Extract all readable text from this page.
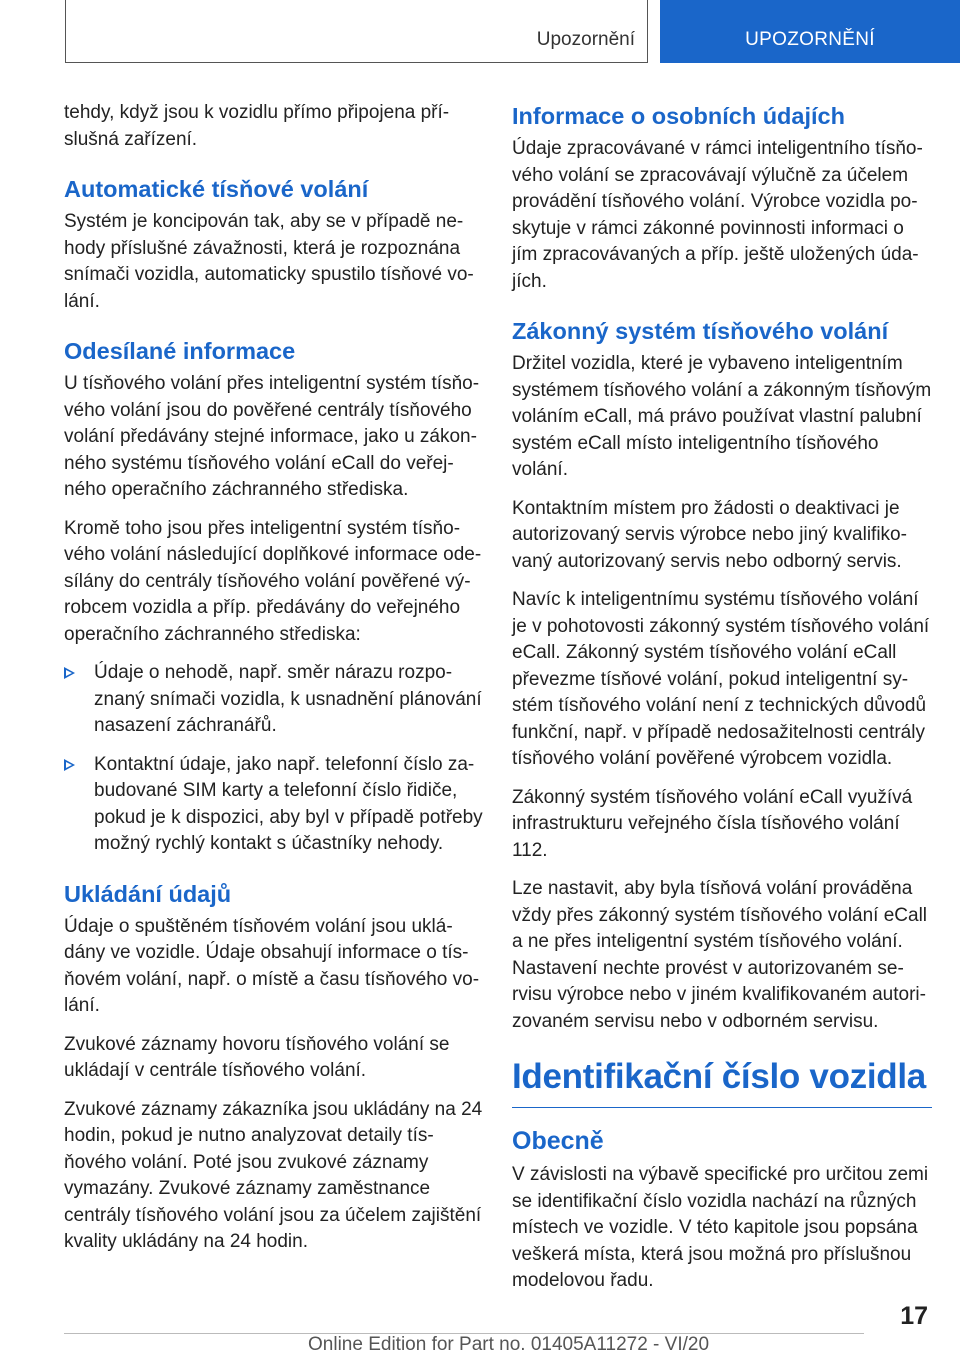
Upozornění	UPOZORNĚNÍ

tehdy, když jsou k vozidlu přímo připojena příslušná zařízení.

Automatické tísňové volání

Systém je koncipován tak, aby se v případě nehody příslušné závažnosti, která je rozpoznána snímači vozidla, automaticky spustilo tísňové volání.

Odesílané informace

U tísňového volání přes inteligentní systém tísňového volání jsou do pověřené centrály tísňového volání předávány stejné informace, jako u zákonného systému tísňového volání eCall do veřejného operačního záchranného střediska.

Kromě toho jsou přes inteligentní systém tísňového volání následující doplňkové informace odesílány do centrály tísňového volání pověřené výrobcem vozidla a příp. předávány do veřejného operačního záchranného střediska:

Údaje o nehodě, např. směr nárazu rozpoznaný snímači vozidla, k usnadnění plánování nasazení záchranářů.
Kontaktní údaje, jako např. telefonní číslo zabudované SIM karty a telefonní číslo řidiče, pokud je k dispozici, aby byl v případě potřeby možný rychlý kontakt s účastníky nehody.
Ukládání údajů

Údaje o spuštěném tísňovém volání jsou ukládány ve vozidle. Údaje obsahují informace o tísňovém volání, např. o místě a času tísňového volání.

Zvukové záznamy hovoru tísňového volání se ukládají v centrále tísňového volání.

Zvukové záznamy zákazníka jsou ukládány na 24 hodin, pokud je nutno analyzovat detaily tísňového volání. Poté jsou zvukové záznamy vymazány. Zvukové záznamy zaměstnance centrály tísňového volání jsou za účelem zajištění kvality ukládány na 24 hodin.

Informace o osobních údajích

Údaje zpracovávané v rámci inteligentního tísňového volání se zpracovávají výlučně za účelem provádění tísňového volání. Výrobce vozidla poskytuje v rámci zákonné povinnosti informaci o jím zpracovávaných a příp. ještě uložených údajích.

Zákonný systém tísňového volání

Držitel vozidla, které je vybaveno inteligentním systémem tísňového volání a zákonným tísňovým voláním eCall, má právo používat vlastní palubní systém eCall místo inteligentního tísňového volání.

Kontaktním místem pro žádosti o deaktivaci je autorizovaný servis výrobce nebo jiný kvalifikovaný autorizovaný servis nebo odborný servis.

Navíc k inteligentnímu systému tísňového volání je v pohotovosti zákonný systém tísňového volání eCall. Zákonný systém tísňového volání eCall převezme tísňové volání, pokud inteligentní systém tísňového volání není z technických důvodů funkční, např. v případě nedosažitelnosti centrály tísňového volání pověřené výrobcem vozidla.

Zákonný systém tísňového volání eCall využívá infrastrukturu veřejného čísla tísňového volání 112.

Lze nastavit, aby byla tísňová volání prováděna vždy přes zákonný systém tísňového volání eCall a ne přes inteligentní systém tísňového volání. Nastavení nechte provést v autorizovaném servisu výrobce nebo v jiném kvalifikovaném autorizovaném servisu nebo v odborném servisu.

Identifikační číslo vozidla
Obecně

V závislosti na výbavě specifické pro určitou zemi se identifikační číslo vozidla nachází na různých místech ve vozidle. V této kapitole jsou popsána veškerá místa, která jsou možná pro příslušnou modelovou řadu.

17
Online Edition for Part no. 01405A11272 - VI/20
